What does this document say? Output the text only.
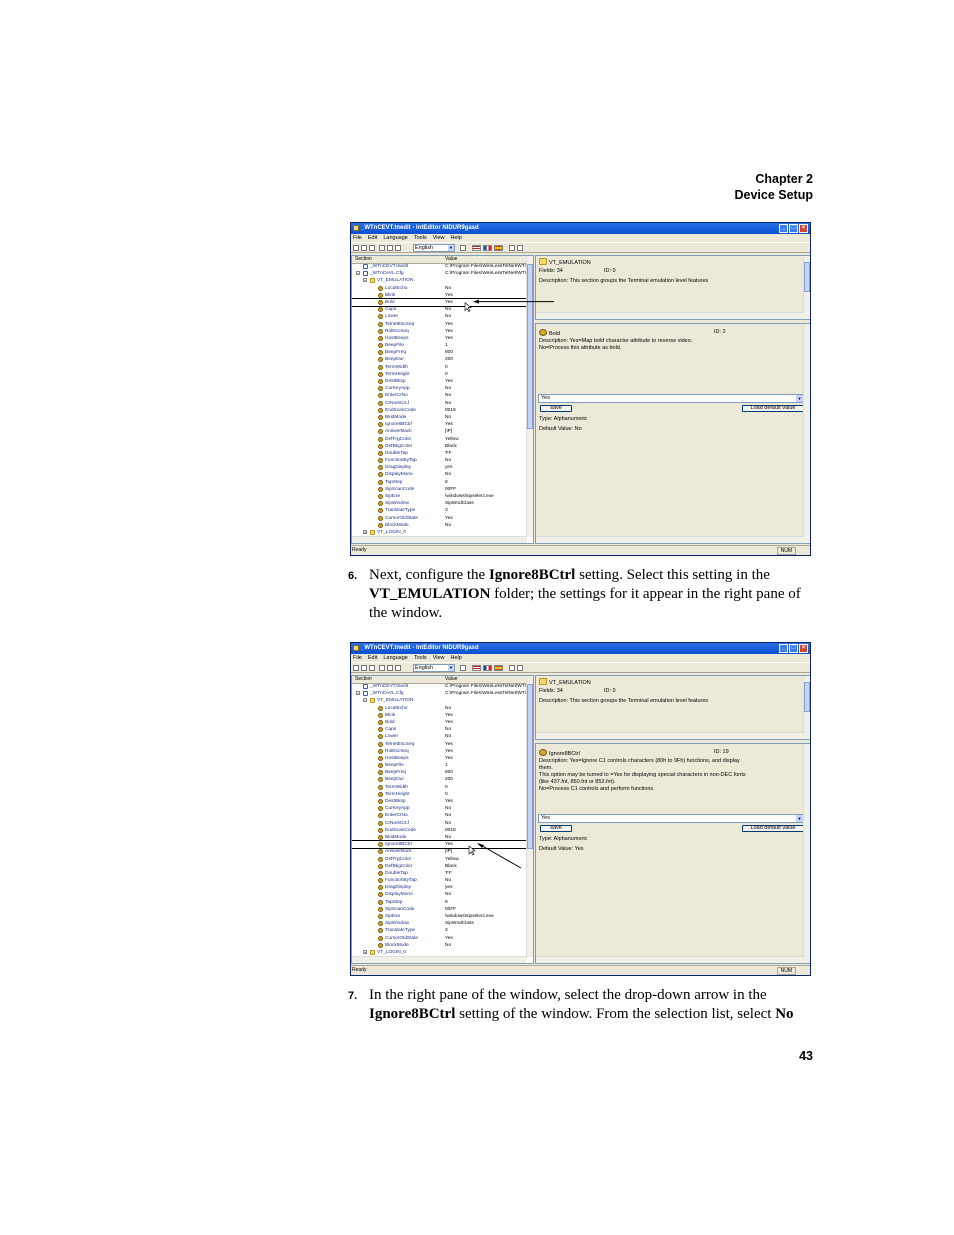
Chapter 2
Device Setup
_WTnCEVT.tnedit - IntEditor NIDUR9gasd	_	□	×
File Edit Language Tools View Help
English	▼
Section	Value
_WTnCEVT.tnedit	C:\Program Files\WireLessTelNet\WT\
− _WTnCeVL.Cfg	C:\Program Files\WireLessTelNet\WT\
− VT_EMULATION
LocalEcho	No
Blink	Yes
Bold	Yes
Caps	No
Lower	No
TelnetEscSeq	Yes
RolEscSeq	Yes
HostBeeps	Yes
BeepFile	1
BeepFreq	800
BeepDur	200
TermWidth	0
TermHeight	0
DestBksp	Yes
CurKeyApp	No
EnterCrNo	No
CrNoIsCrLf	No
EndScanCode	0018
BkidMode	No
Ignore8BCtrl	Yes
AnswerBack	[IP]
DefFrgColor	Yellow
DefBkgColor	Black
DoubleTap	'FF
FunctionByTap	No
DragDisplay	yes
DisplayMono	No
TapStep	8
SipScanCode	00FF
SipExe	\windows\sipselect.exe
SipWindow	SipWndClass
TranslateType	3
CursorOldState	Yes
BlockMode	No
+ VT_LOGIN_0
VT_EMULATION
Fields: 34	ID: 0
Description: This section groups the Terminal emulation level features
Bold	ID: 2
Description: Yes=Map bold character attribute to reverse video.
No=Process this attribute as bold.
Yes	▼
save	Load default value
Type: Alphanumeric
Default Value: No
Ready	NUM
6. Next, configure the Ignore8BCtrl setting. Select this setting in the VT_EMULATION folder; the settings for it appear in the right pane of the window.
_WTnCEVT.tnedit - IntEditor NIDUR9gasd	_	□	×
File Edit Language Tools View Help
English	▼
Section	Value
_WTnCEVT.tnedit	C:\Program Files\WireLessTelNet\WT\
− _WTnCeVL.Cfg	C:\Program Files\WireLessTelNet\WT\
− VT_EMULATION
LocalEcho	No
Blink	Yes
Bold	Yes
Caps	No
Lower	No
TelnetEscSeq	Yes
RolEscSeq	Yes
HostBeeps	Yes
BeepFile	1
BeepFreq	800
BeepDur	200
TermWidth	0
TermHeight	0
DestBksp	Yes
CurKeyApp	No
EnterCrNo	No
CrNoIsCrLf	No
EndScanCode	0018
BkidMode	No
Ignore8BCtrl	Yes
AnswerBack	[IP]
DefFrgColor	Yellow
DefBkgColor	Black
DoubleTap	'FF
FunctionByTap	No
DragDisplay	yes
DisplayMono	No
TapStep	8
SipScanCode	00FF
SipExe	\windows\sipselect.exe
SipWindow	SipWndClass
TranslateType	3
CursorOldState	Yes
BlockMode	No
+ VT_LOGIN_0
VT_EMULATION
Fields: 34	ID: 0
Description: This section groups the Terminal emulation level features
Ignore8BCtrl	ID: 19
Description: Yes=Ignore C1 controls characters (80h to 9Fh) functions, and display
them.
This option may be turned to =Yes for displaying special characters in non-DEC fonts
(like 437.fnt, 850.fnt or 852.fnt).
No=Process C1 controls and perform functions.
Yes	▼
save	Load default value
Type: Alphanumeric
Default Value: Yes
Ready	NUM
7. In the right pane of the window, select the drop-down arrow in the Ignore8BCtrl setting of the window. From the selection list, select No
43
